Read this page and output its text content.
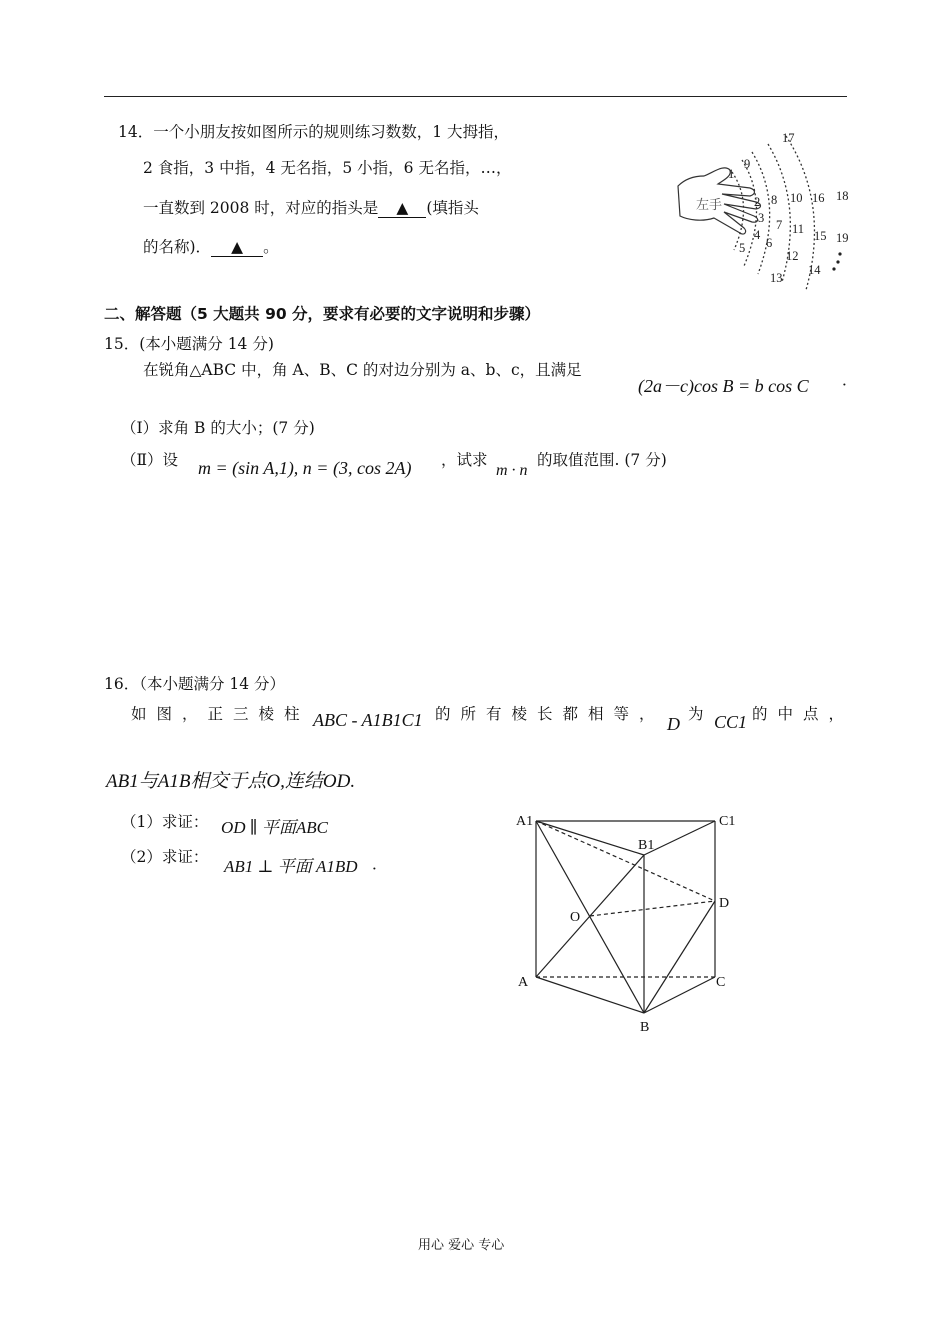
14．一个小朋友按如图所示的规则练习数数，1 大拇指，
2 食指，3 中指，4 无名指，5 小指，6 无名指，…，
一直数到 2008 时，对应的指头是 ▲ (填指头
的名称)． ▲ 。
左手
1
2
3
4
5 6
7
8
9
10
11
12
13
14
15
16
17
18
19
二、解答题（5 大题共 90 分，要求有必要的文字说明和步骤）
15．(本小题满分 14 分)
在锐角△ABC 中，角 A、B、C 的对边分别为 a、b、c，且满足
(2a－c)cos B = b cos C ．
（Ⅰ）求角 B 的大小；(7 分)
（Ⅱ）设 m = (sin A,1), n = (3, cos 2A) ，试求
m · n
的取值范围. (7 分)
16．（本小题满分 14 分）
如图，正三棱柱 ABC - A1B1C1 的所有棱长都相等， D 为 CC1 的中点，
AB1与A1B相交于点O,连结OD.
（1）求证： OD ∥ 平面ABC
（2）求证： AB1 ⊥ 平面 A1BD ．
A1
B1
C1
O
D
A	C
B
用心 爱心 专心
